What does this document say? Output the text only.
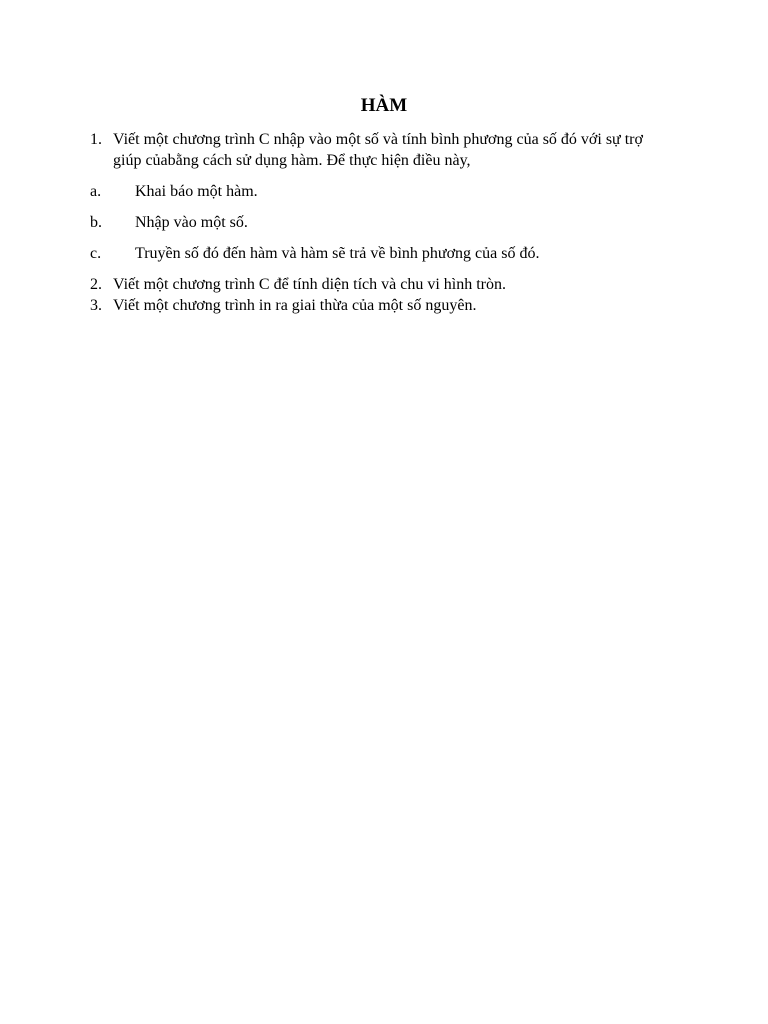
HÀM
1. Viết một chương trình C nhập vào một số và tính bình phương của số đó với sự trợ giúp củabằng cách sử dụng hàm. Để thực hiện điều này,
a.	Khai báo một hàm.
b.	Nhập vào một số.
c.	Truyền số đó đến hàm và hàm sẽ trả về bình phương của số đó.
2. Viết một chương trình C để tính diện tích và chu vi hình tròn.
3. Viết một chương trình in ra giai thừa của một số nguyên.
